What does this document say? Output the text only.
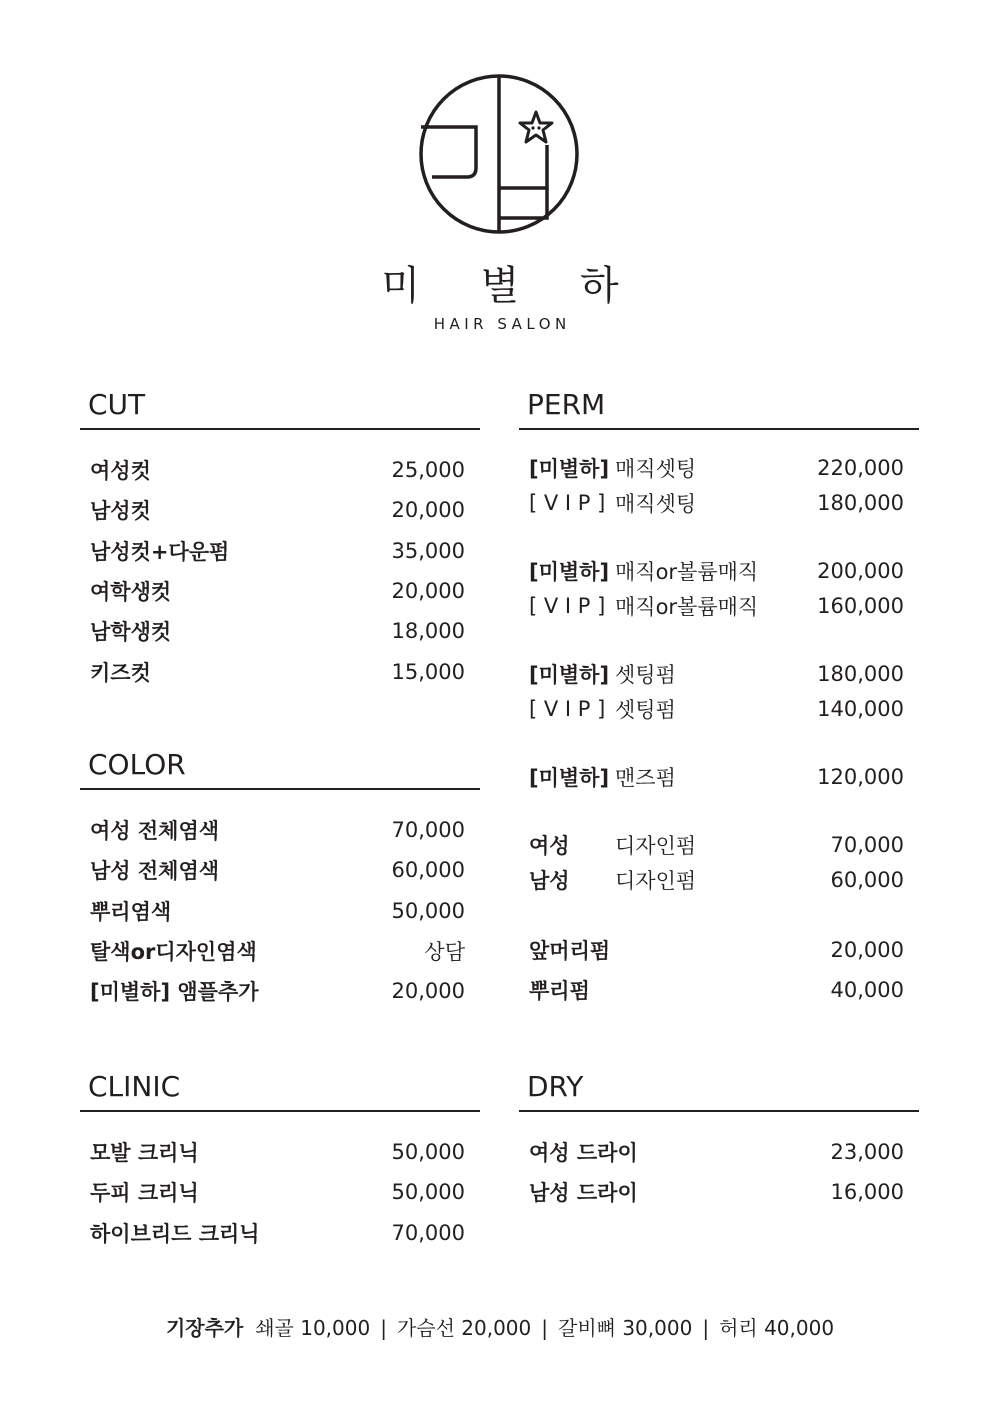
미 별 하
HAIR SALON
CUT
여성컷	25,000
남성컷	20,000
남성컷+다운펌	35,000
여학생컷	20,000
남학생컷	18,000
키즈컷	15,000
COLOR
여성 전체염색	70,000
남성 전체염색	60,000
뿌리염색	50,000
탈색or디자인염색	상담
[미별하] 앰플추가	20,000
CLINIC
모발 크리닉	50,000
두피 크리닉	50,000
하이브리드 크리닉	70,000
PERM
[미별하] 매직셋팅	220,000
[ V I P ] 매직셋팅	180,000
[미별하] 매직or볼륨매직	200,000
[ V I P ] 매직or볼륨매직	160,000
[미별하] 셋팅펌	180,000
[ V I P ] 셋팅펌	140,000
[미별하] 맨즈펌	120,000
여성	디자인펌	70,000
남성	디자인펌	60,000
앞머리펌	20,000
뿌리펌	40,000
DRY
여성 드라이	23,000
남성 드라이	16,000
기장추가 쇄골 10,000 | 가슴선 20,000 | 갈비뼈 30,000 | 허리 40,000
